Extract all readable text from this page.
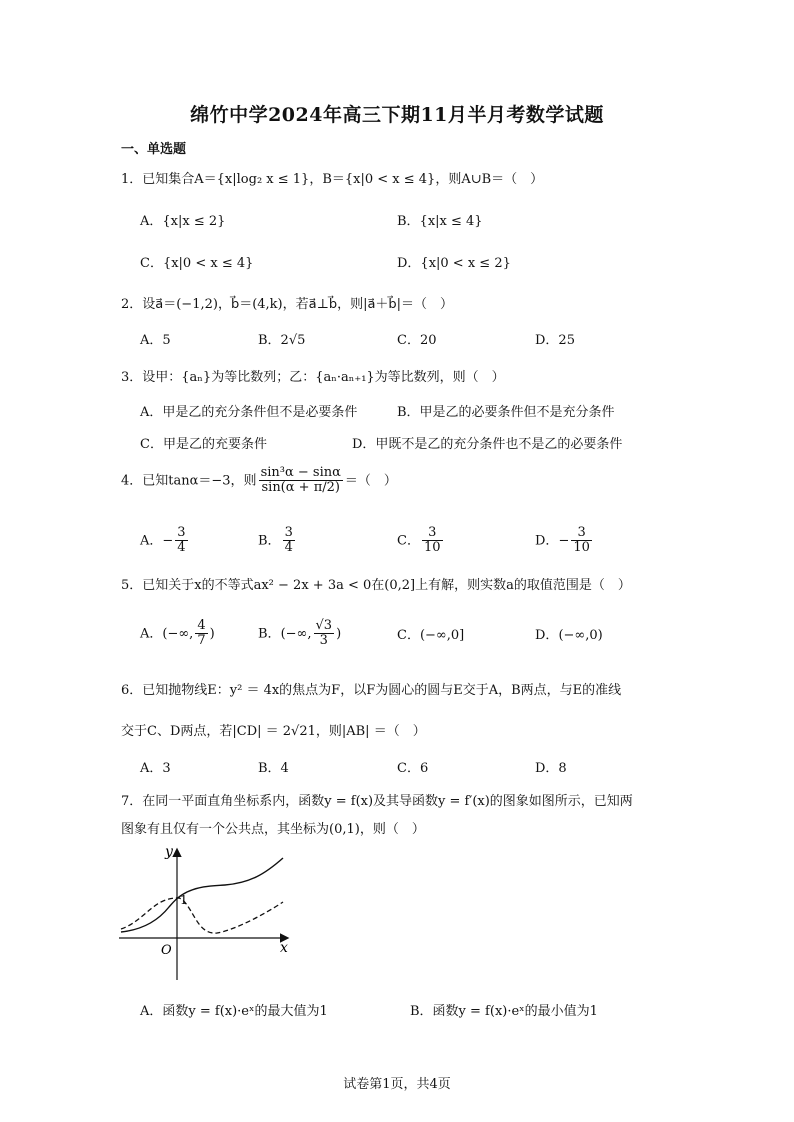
绵竹中学2024年高三下期11月半月考数学试题
一、单选题
1．已知集合A＝{x|log₂ x ≤ 1}，B＝{x|0 < x ≤ 4}，则A∪B＝（　）
A．{x|x ≤ 2}	B．{x|x ≤ 4}
C．{x|0 < x ≤ 4}	D．{x|0 < x ≤ 2}
2．设a⃗＝(−1,2)，b⃗＝(4,k)，若a⃗⊥b⃗，则|a⃗＋b⃗|＝（　）
A．5	B．2√5	C．20	D．25
3．设甲：{aₙ}为等比数列；乙：{aₙ·aₙ₊₁}为等比数列，则（　）
A．甲是乙的充分条件但不是必要条件	B．甲是乙的必要条件但不是充分条件
C．甲是乙的充要条件	D．甲既不是乙的充分条件也不是乙的必要条件
4．已知tanα＝−3，则 $\frac{\text{sin³α − sinα}}{\sin(\alpha + \pi/2)}$ ＝（　）
A．− $\frac{3}{4}$	B． $\frac{3}{4}$	C． $\frac{3}{10}$	D．− $\frac{3}{10}$
5．已知关于x的不等式ax² − 2x + 3a < 0在(0,2]上有解，则实数a的取值范围是（　）
A．(−∞, $\frac{4}{7}$ )	B．(−∞, $\frac{√3}{3}$ )	C．(−∞,0]	D．(−∞,0)
6．已知抛物线E：y² ＝ 4x的焦点为F，以F为圆心的圆与E交于A，B两点，与E的准线
交于C、D两点，若|CD| ＝ 2√21，则|AB| ＝（　）
A．3	B．4	C．6	D．8
7．在同一平面直角坐标系内，函数y = f(x)及其导函数y = f′(x)的图象如图所示，已知两
图象有且仅有一个公共点，其坐标为(0,1)，则（　）
y
x
O
1
A．函数y = f(x)·eˣ的最大值为1	B．函数y = f(x)·eˣ的最小值为1
试卷第1页，共4页
